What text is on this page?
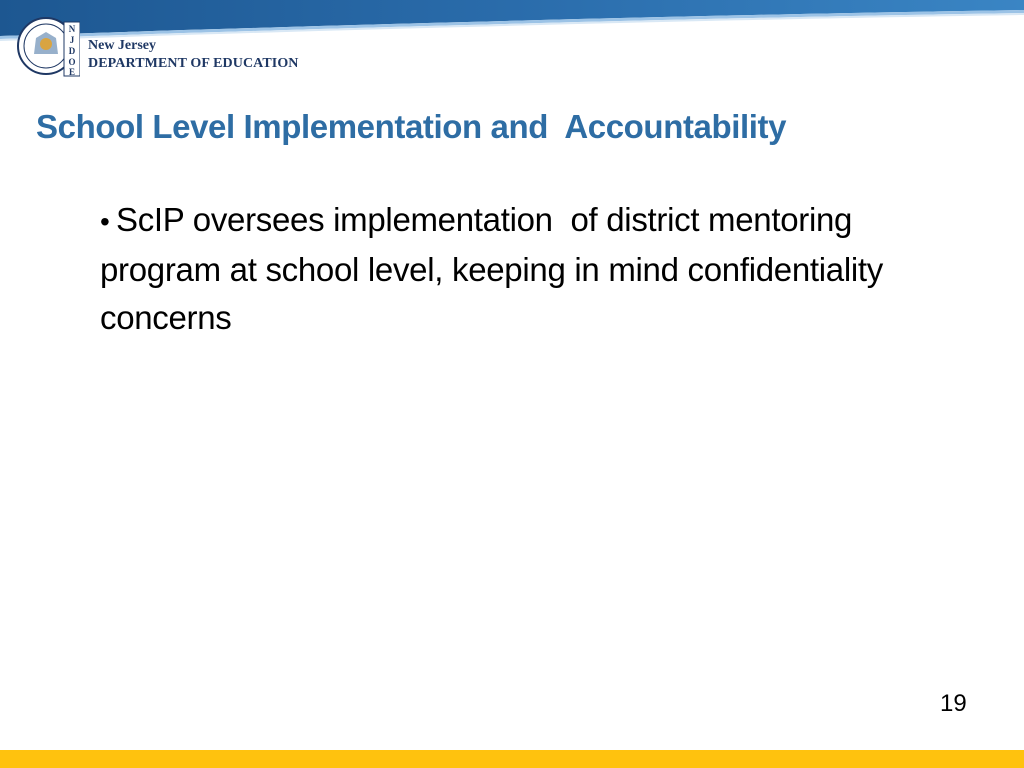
N
J
D
O
E
New Jersey
DEPARTMENT OF EDUCATION
School Level Implementation and  Accountability
• ScIP oversees implementation  of district mentoring program at school level, keeping in mind confidentiality concerns
19
